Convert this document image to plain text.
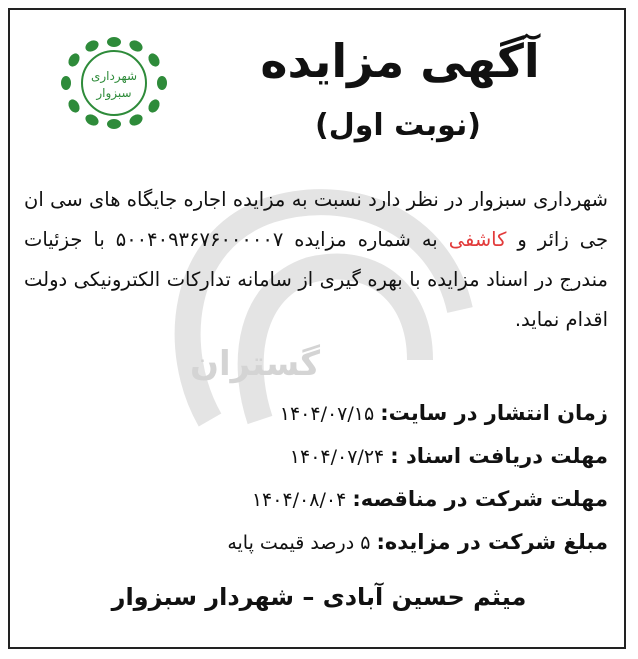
گستران
شهرداری
سبزوار
آگهی مزایده
(نوبت اول)
شهرداری سبزوار در نظر دارد نسبت به مزایده اجاره جایگاه های سی ان جی زائر و کاشفی به شماره مزایده ۵۰۰۴۰۹۳۶۷۶۰۰۰۰۰۷ با جزئیات مندرج در اسناد مزایده با بهره گیری از سامانه تدارکات الکترونیکی دولت اقدام نماید.
زمان انتشار در سایت: ۱۴۰۴/۰۷/۱۵
مهلت دریافت اسناد : ۱۴۰۴/۰۷/۲۴
مهلت شرکت در مناقصه: ۱۴۰۴/۰۸/۰۴
مبلغ شرکت در مزایده: ۵ درصد قیمت پایه
میثم حسین آبادی – شهردار سبزوار
